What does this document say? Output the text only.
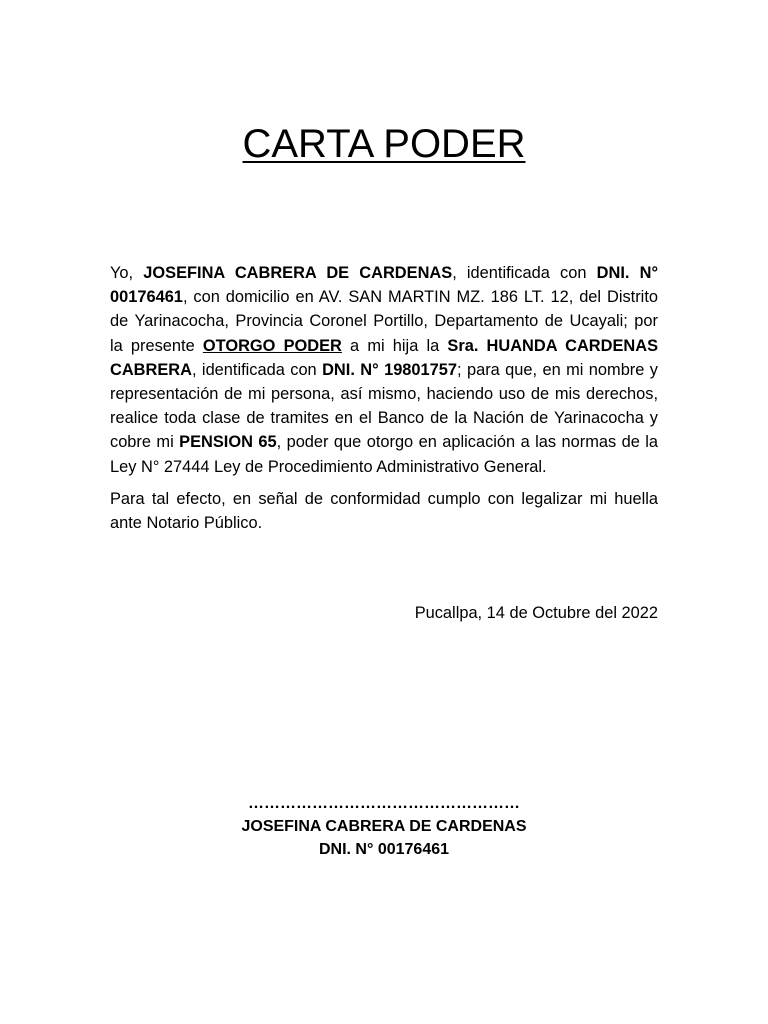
CARTA PODER

Yo, JOSEFINA CABRERA DE CARDENAS, identificada con DNI. N° 00176461, con domicilio en AV. SAN MARTIN MZ. 186 LT. 12, del Distrito de Yarinacocha, Provincia Coronel Portillo, Departamento de Ucayali; por la presente OTORGO PODER a mi hija la Sra. HUANDA CARDENAS CABRERA, identificada con DNI. N° 19801757; para que, en mi nombre y representación de mi persona, así mismo, haciendo uso de mis derechos, realice toda clase de tramites en el Banco de la Nación de Yarinacocha y cobre mi PENSION 65, poder que otorgo en aplicación a las normas de la Ley N° 27444 Ley de Procedimiento Administrativo General.

Para tal efecto, en señal de conformidad cumplo con legalizar mi huella ante Notario Público.

Pucallpa, 14 de Octubre del 2022
……………………………………………
JOSEFINA CABRERA DE CARDENAS
DNI. N° 00176461
